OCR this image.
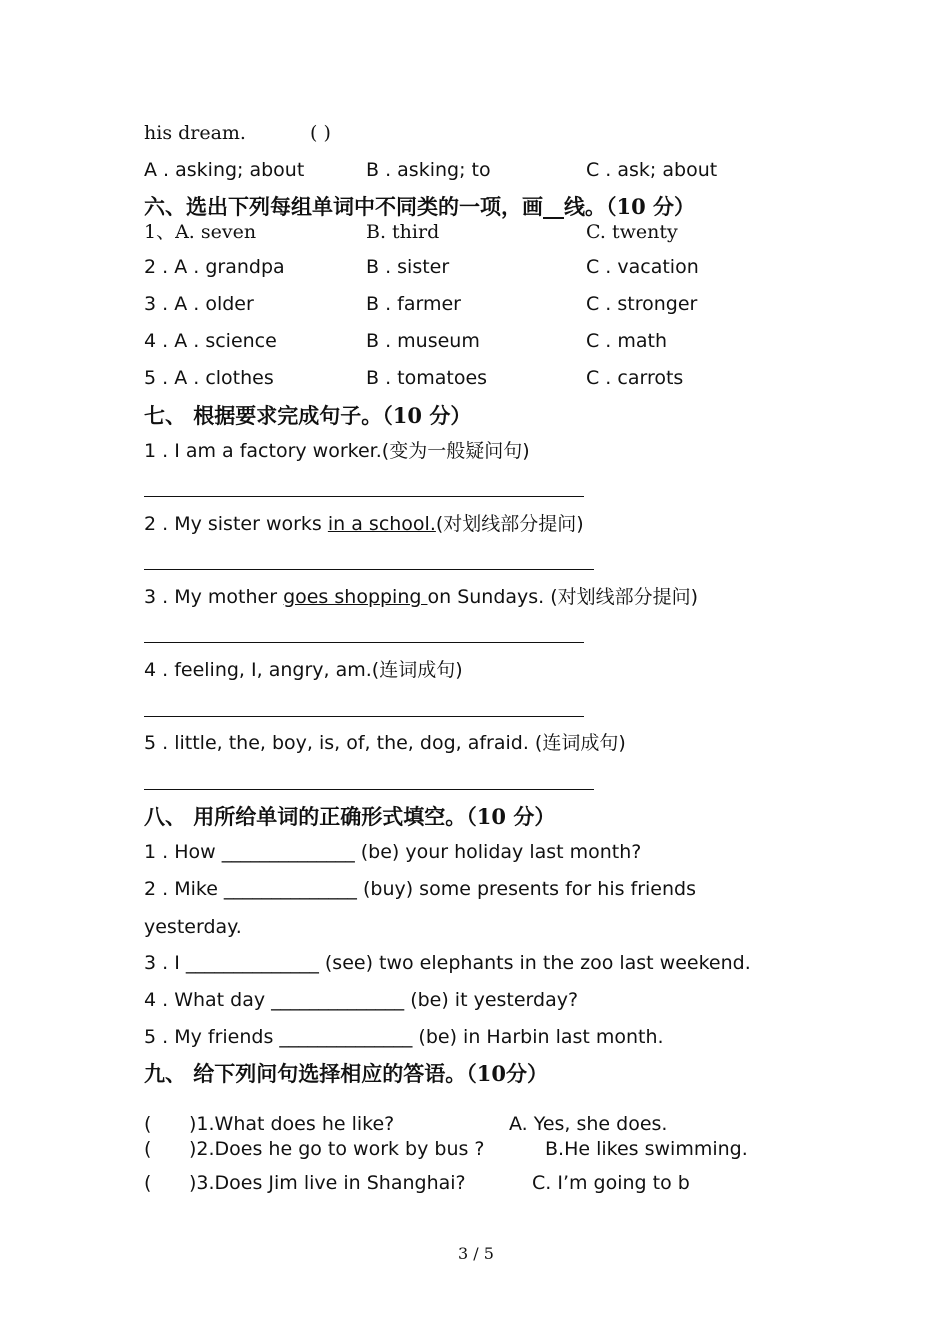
his dream.	( )
A . asking; about	B . asking; to	C . ask; about
六、选出下列每组单词中不同类的一项，画__线。（10 分）
1、A. seven	B. third	C. twenty
2 . A . grandpa	B . sister	C . vacation
3 . A . older	B . farmer	C . stronger
4 . A . science	B . museum	C . math
5 . A . clothes	B . tomatoes	C . carrots
七、 根据要求完成句子。（10 分）
1 . I am a factory worker.(变为一般疑问句)
2 . My sister works in a school.(对划线部分提问)
3 . My mother goes shopping on Sundays. (对划线部分提问)
4 . feeling, I, angry, am.(连词成句)
5 . little, the, boy, is, of, the, dog, afraid. (连词成句)
八、 用所给单词的正确形式填空。（10 分）
1 . How ______________ (be) your holiday last month?
2 . Mike ______________ (buy) some presents for his friends
yesterday.
3 . I ______________ (see) two elephants in the zoo last weekend.
4 . What day ______________ (be) it yesterday?
5 . My friends ______________ (be) in Harbin last month.
九、 给下列问句选择相应的答语。（10分）
( )1.What does he like?	A. Yes, she does.
( )2.Does he go to work by bus ?	B.He likes swimming.
( )3.Does Jim live in Shanghai?	C. I’m going to b
3 / 5
